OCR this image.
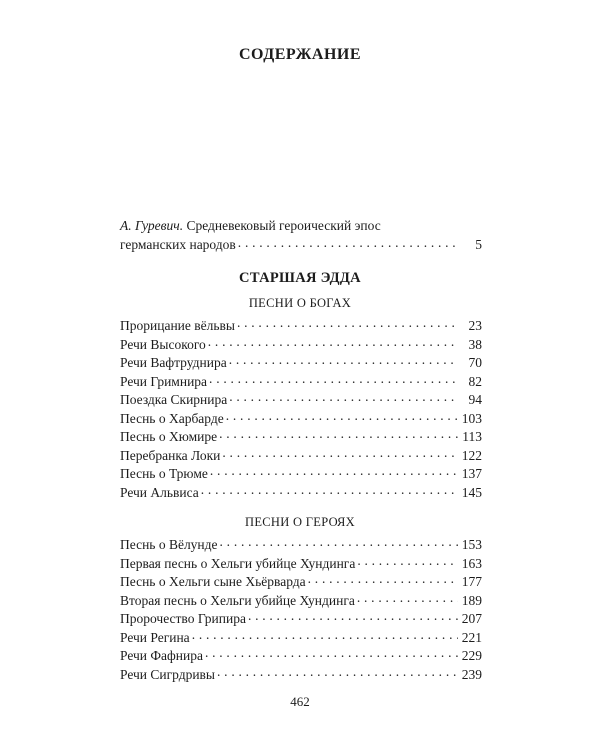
СОДЕРЖАНИЕ
А. Гуревич. Средневековый героический эпос
германских народов . . .	5
СТАРШАЯ ЭДДА
ПЕСНИ О БОГАХ
Прорицание вёльвы . . .	23
Речи Высокого . . .	38
Речи Вафтруднира . . .	70
Речи Гримнира . . .	82
Поездка Скирнира . . .	94
Песнь о Харбарде . . .	103
Песнь о Хюмире . . .	113
Перебранка Локи . . .	122
Песнь о Трюме . . .	137
Речи Альвиса . . .	145
ПЕСНИ О ГЕРОЯХ
Песнь о Вёлунде . . .	153
Первая песнь о Хельги убийце Хундинга . . .	163
Песнь о Хельги сыне Хьёрварда . . .	177
Вторая песнь о Хельги убийце Хундинга . . .	189
Пророчество Грипира . . .	207
Речи Регина . . .	221
Речи Фафнира . . .	229
Речи Сигрдривы . . .	239
462
